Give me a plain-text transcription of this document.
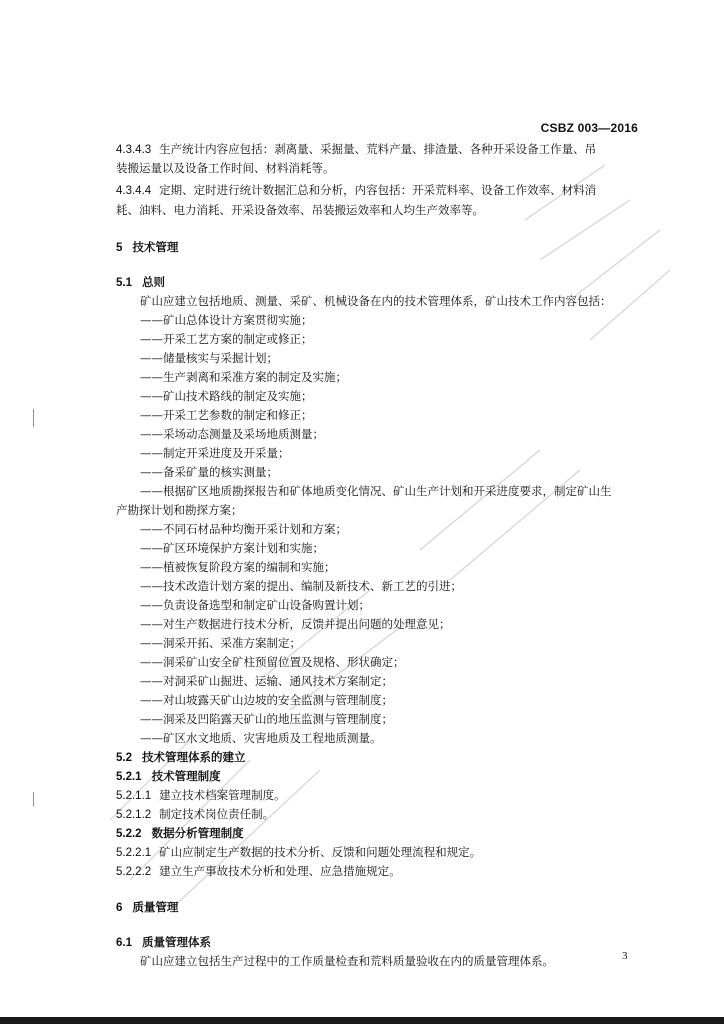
CSBZ 003—2016
4.3.4.3 生产统计内容应包括：剥离量、采掘量、荒料产量、排渣量、各种开采设备工作量、吊
装搬运量以及设备工作时间、材料消耗等。
4.3.4.4 定期、定时进行统计数据汇总和分析，内容包括：开采荒料率、设备工作效率、材料消
耗、油料、电力消耗、开采设备效率、吊装搬运效率和人均生产效率等。
5 技术管理
5.1 总则
矿山应建立包括地质、测量、采矿、机械设备在内的技术管理体系，矿山技术工作内容包括：
——矿山总体设计方案贯彻实施；
——开采工艺方案的制定或修正；
——储量核实与采掘计划；
——生产剥离和采准方案的制定及实施；
——矿山技术路线的制定及实施；
——开采工艺参数的制定和修正；
——采场动态测量及采场地质测量；
——制定开采进度及开采量；
——备采矿量的核实测量；
——根据矿区地质勘探报告和矿体地质变化情况、矿山生产计划和开采进度要求，制定矿山生
产勘探计划和勘探方案；
——不同石材品种均衡开采计划和方案；
——矿区环境保护方案计划和实施；
——植被恢复阶段方案的编制和实施；
——技术改造计划方案的提出、编制及新技术、新工艺的引进；
——负责设备选型和制定矿山设备购置计划；
——对生产数据进行技术分析，反馈并提出问题的处理意见；
——洞采开拓、采准方案制定；
——洞采矿山安全矿柱预留位置及规格、形状确定；
——对洞采矿山掘进、运输、通风技术方案制定；
——对山坡露天矿山边坡的安全监测与管理制度；
——洞采及凹陷露天矿山的地压监测与管理制度；
——矿区水文地质、灾害地质及工程地质测量。
5.2 技术管理体系的建立
5.2.1 技术管理制度
5.2.1.1 建立技术档案管理制度。
5.2.1.2 制定技术岗位责任制。
5.2.2 数据分析管理制度
5.2.2.1 矿山应制定生产数据的技术分析、反馈和问题处理流程和规定。
5.2.2.2 建立生产事故技术分析和处理、应急措施规定。
6 质量管理
6.1 质量管理体系
矿山应建立包括生产过程中的工作质量检查和荒料质量验收在内的质量管理体系。	3
